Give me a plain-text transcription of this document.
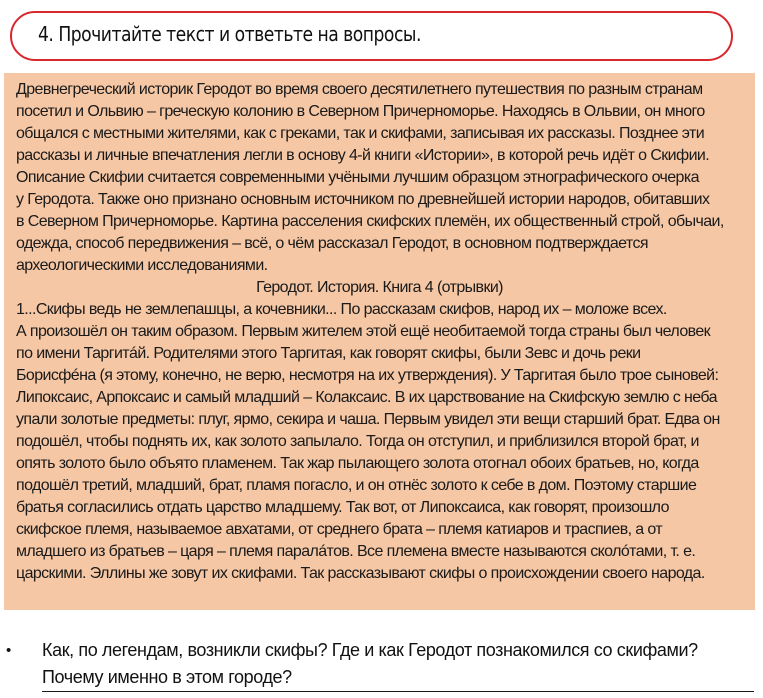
4. Прочитайте текст и ответьте на вопросы.
Древнегреческий историк Геродот во время своего десятилетнего путешествия по разным странам
посетил и Ольвию – греческую колонию в Северном Причерноморье. Находясь в Ольвии, он много
общался с местными жителями, как с греками, так и скифами, записывая их рассказы. Позднее эти
рассказы и личные впечатления легли в основу 4-й книги «Истории», в которой речь идёт о Скифии.
Описание Скифии считается современными учёными лучшим образцом этнографического очерка
у Геродота. Также оно признано основным источником по древнейшей истории народов, обитавших
в Северном Причерноморье. Картина расселения скифских племён, их общественный строй, обычаи,
одежда, способ передвижения – всё, о чём рассказал Геродот, в основном подтверждается
археологическими исследованиями.
Геродот. История. Книга 4 (отрывки)
1...Скифы ведь не землепашцы, а кочевники... По рассказам скифов, народ их – моложе всех.
А произошёл он таким образом. Первым жителем этой ещё необитаемой тогда страны был человек
по имени Таргитáй. Родителями этого Таргитая, как говорят скифы, были Зевс и дочь реки
Борисфéна (я этому, конечно, не верю, несмотря на их утверждения). У Таргитая было трое сыновей:
Липоксаис, Арпоксаис и самый младший – Колаксаис. В их царствование на Скифскую землю с неба
упали золотые предметы: плуг, ярмо, секира и чаша. Первым увидел эти вещи старший брат. Едва он
подошёл, чтобы поднять их, как золото запылало. Тогда он отступил, и приблизился второй брат, и
опять золото было объято пламенем. Так жар пылающего золота отогнал обоих братьев, но, когда
подошёл третий, младший, брат, пламя погасло, и он отнёс золото к себе в дом. Поэтому старшие
братья согласились отдать царство младшему. Так вот, от Липоксаиса, как говорят, произошло
скифское племя, называемое авхатами, от среднего брата – племя катиаров и траспиев, а от
младшего из братьев – царя – племя паралáтов. Все племена вместе называются сколóтами, т. е.
царскими. Эллины же зовут их скифами. Так рассказывают скифы о происхождении своего народа.
• Как, по легендам, возникли скифы? Где и как Геродот познакомился со скифами?
Почему именно в этом городе?
